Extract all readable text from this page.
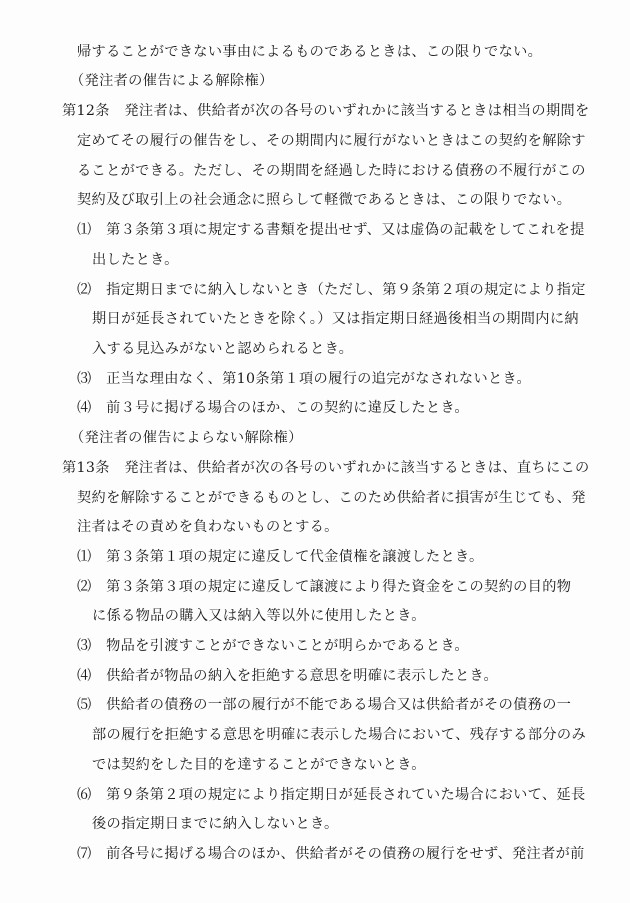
帰することができない事由によるものであるときは、この限りでない。
（発注者の催告による解除権）
第12条　発注者は、供給者が次の各号のいずれかに該当するときは相当の期間を
定めてその履行の催告をし、その期間内に履行がないときはこの契約を解除す
ることができる。ただし、その期間を経過した時における債務の不履行がこの
契約及び取引上の社会通念に照らして軽微であるときは、この限りでない。
⑴　第３条第３項に規定する書類を提出せず、又は虚偽の記載をしてこれを提
出したとき。
⑵　指定期日までに納入しないとき（ただし、第９条第２項の規定により指定
期日が延長されていたときを除く。）又は指定期日経過後相当の期間内に納
入する見込みがないと認められるとき。
⑶　正当な理由なく、第10条第１項の履行の追完がなされないとき。
⑷　前３号に掲げる場合のほか、この契約に違反したとき。
（発注者の催告によらない解除権）
第13条　発注者は、供給者が次の各号のいずれかに該当するときは、直ちにこの
契約を解除することができるものとし、このため供給者に損害が生じても、発
注者はその責めを負わないものとする。
⑴　第３条第１項の規定に違反して代金債権を譲渡したとき。
⑵　第３条第３項の規定に違反して譲渡により得た資金をこの契約の目的物
に係る物品の購入又は納入等以外に使用したとき。
⑶　物品を引渡すことができないことが明らかであるとき。
⑷　供給者が物品の納入を拒絶する意思を明確に表示したとき。
⑸　供給者の債務の一部の履行が不能である場合又は供給者がその債務の一
部の履行を拒絶する意思を明確に表示した場合において、残存する部分のみ
では契約をした目的を達することができないとき。
⑹　第９条第２項の規定により指定期日が延長されていた場合において、延長
後の指定期日までに納入しないとき。
⑺　前各号に掲げる場合のほか、供給者がその債務の履行をせず、発注者が前
